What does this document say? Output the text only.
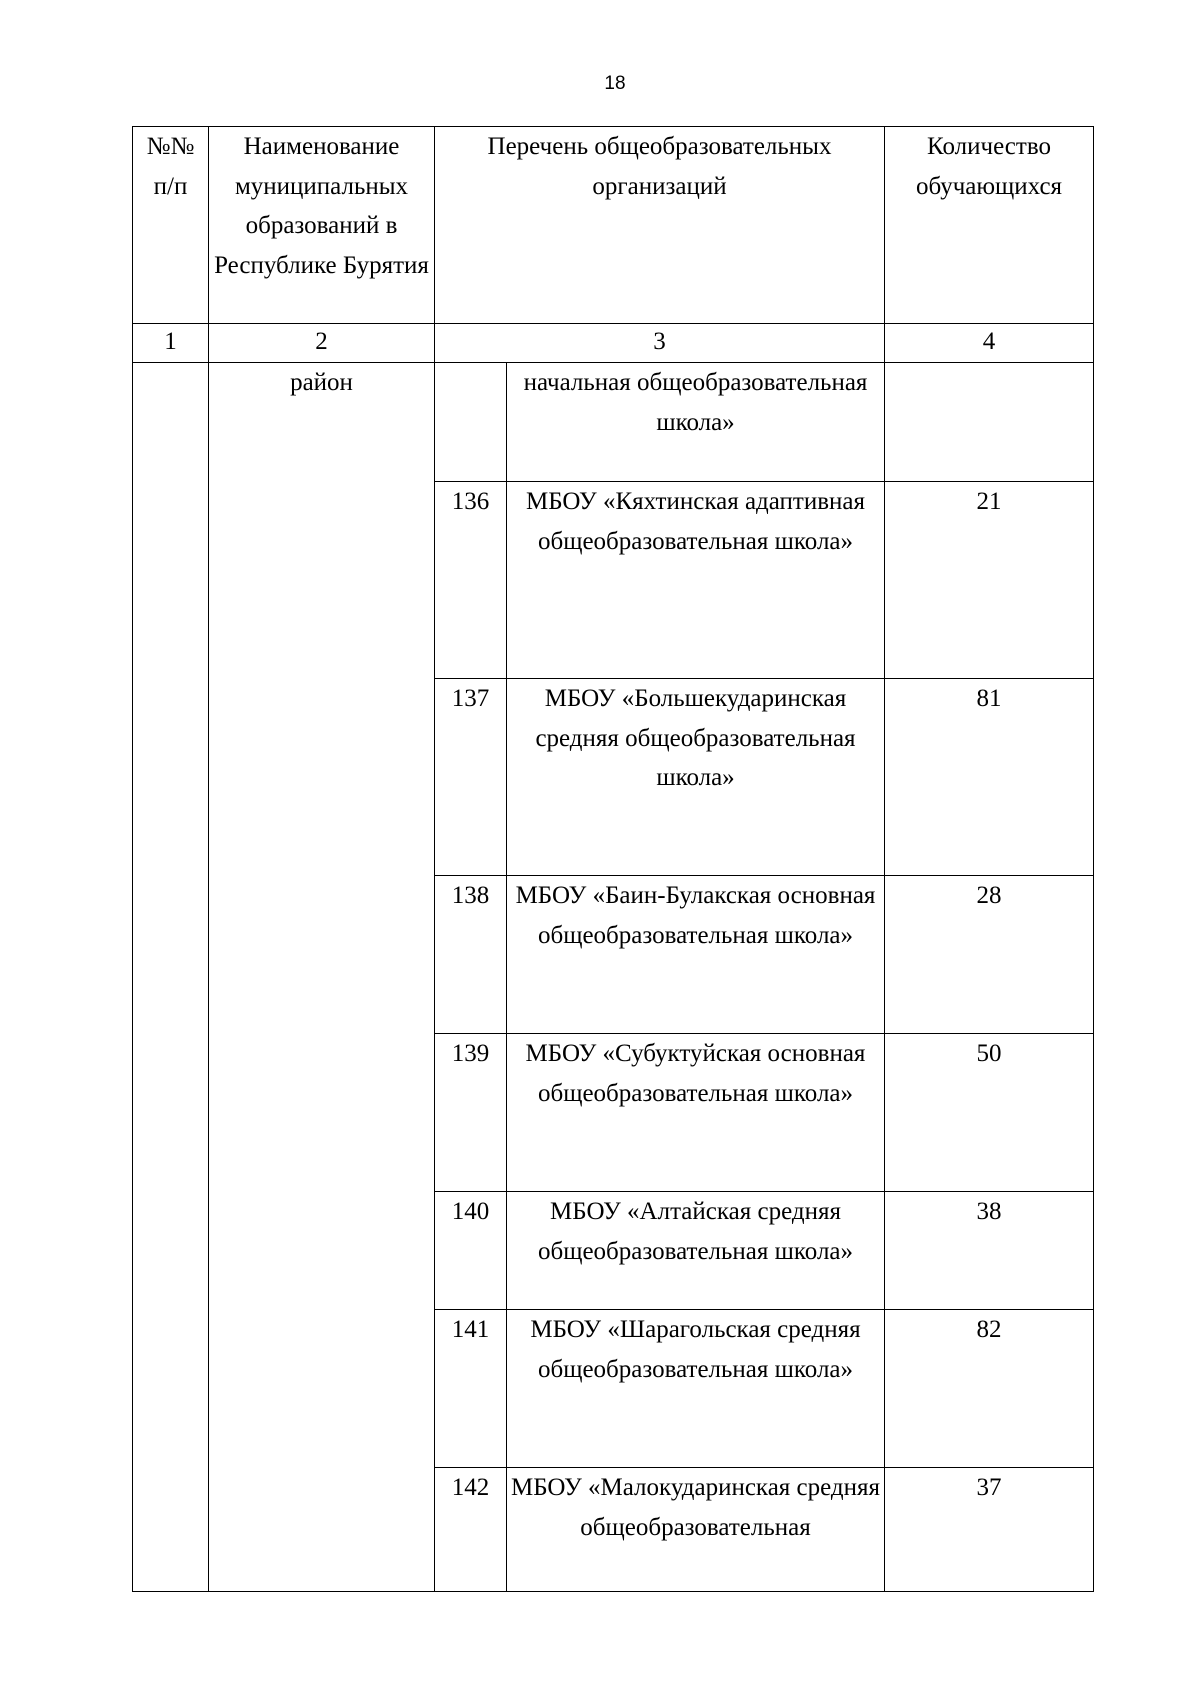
18
№№ п/п	Наименование муниципальных образований в Республике Бурятия	Перечень общеобразовательных организаций		Количество обучающихся
1	2	3		4
	район		начальная общеобразовательная школа»	
		136	МБОУ «Кяхтинская адаптивная общеобразовательная школа»	21
		137	МБОУ «Большекударинская средняя общеобразовательная школа»	81
		138	МБОУ «Баин-Булакская основная общеобразовательная школа»	28
		139	МБОУ «Субуктуйская основная общеобразовательная школа»	50
		140	МБОУ «Алтайская средняя общеобразовательная школа»	38
		141	МБОУ «Шарагольская средняя общеобразовательная школа»	82
		142	МБОУ «Малокударинская средняя общеобразовательная	37
